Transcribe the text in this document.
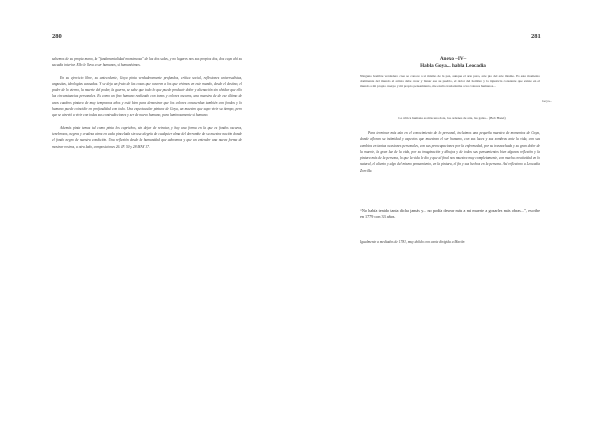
280

sabemos de su propia mano, la "fundamentalidad monstruosa" de las dos salas, y no lugares nos sus propios dos, dos cuya ahí su sacudia interior. Ello le lleva a ser humanos, sí humanísimos.

En su ejercicio libre, su antecedente, Goya pinta verdaderamente profundos, crítica social, reflexiones universalistas, angustias, ideologías acusadas. Y se deja un fruto de las cosas que ocurren a los que vivimos en este mundo, desde el destino, el poder de lo eterno, la muerte del poder, la guerra, se sabe que todo lo que puede producir dolor y alienación sin olvidar que ello las circunstancias personales. Es como un fino humano realizado con tonos y colores oscuros, una muestra de de ese último de unos cuadros pintura de muy tempranos años y está bien para demostrar que los colores concuerdan también con fondos y lo humano puede coincidir en profundidad con todo. Una espectacular pintura de Goya, un maestro que supo vivir su tiempo, pero que se atrevió a vivir con todas sus contradicciones y ser de nuevo humano, para luminosamente si humano.

Además pinta temas tal como pinta los caprichos, sin dejar de retratar, y hay una forma en la que es fondos oscuros, tenebrosos, negros y crudeza atroz en cada pincelada sin usa alegría de cualquier alma del derrumbe de su nuestra nación donde el fondo negro de nuestra condición. Una reflexión desde la humanidad que adoramos y que un entender una nueva forma de mostrar rostros, a otra lado, composiciones 26. IF. 50 y 28 MAY 17.

281
Anexo –IV–
Habla Goya... habla Leocadia
Ninguno hombre verdadero cree se conoce a sí mismo de la paz, aunque el arte puro, arte pío del arte mismo. Es este momento dominante del mundo el artista debe crear y llenar esa su pueblo, el dolor del hombre y la injusticia constante que existe en el mundo a mi propio cuerpo y mi propio pensamiento, me exalto trasladarme a los valores humanos...
Goya...
La crítica humana es más una dote, los ordenes de arte, las galas... (Bob Hazel)

Para terminar más aún en el conocimiento de lo personal, incluimos una pequeña muestra de momentos de Goya, donde afloran su intimidad y aspectos que muestran el ser humano, con sus luces y sus sombras ante la vida, con sus cambios en tantas ocasiones personales, con sus preocupaciones por la enfermedad, por su trasnochada y su gran dolor de la muerte, la gran luz de la vida, por su imaginación y dibujos y de todos sus pensamientos bien algunos reflexión y la pintura más de la persona, lo que la vida le dio y que al final nos muestra muy completamente, con mucha creatividad en lo natural, el aliento y algo del mismo pensamiento, en la pintura, el fin y sus hechos en la persona. Así reflexiono a Leocadia Zorrilla.

“No había tenido tanta dicha jamás y... no podía desear más a mi muerte a gozarles más obras...”, escribe en 1779 con 33 años.
Igualmente a mediados de 1781, muy dolido con carta dirigida a Martín
